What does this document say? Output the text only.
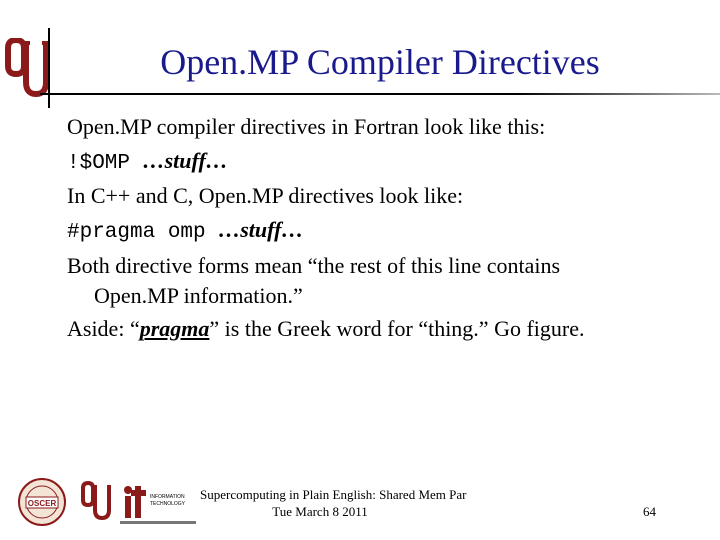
Open.MP Compiler Directives
Open.MP compiler directives in Fortran look like this:
!$OMP …stuff…
In C++ and C, Open.MP directives look like:
#pragma omp …stuff…
Both directive forms mean “the rest of this line contains
Open.MP information.”
Aside: “pragma” is the Greek word for “thing.” Go figure.
OSCER
INFORMATION
TECHNOLOGY
Supercomputing in Plain English: Shared Mem Par
Tue March 8 2011	64
